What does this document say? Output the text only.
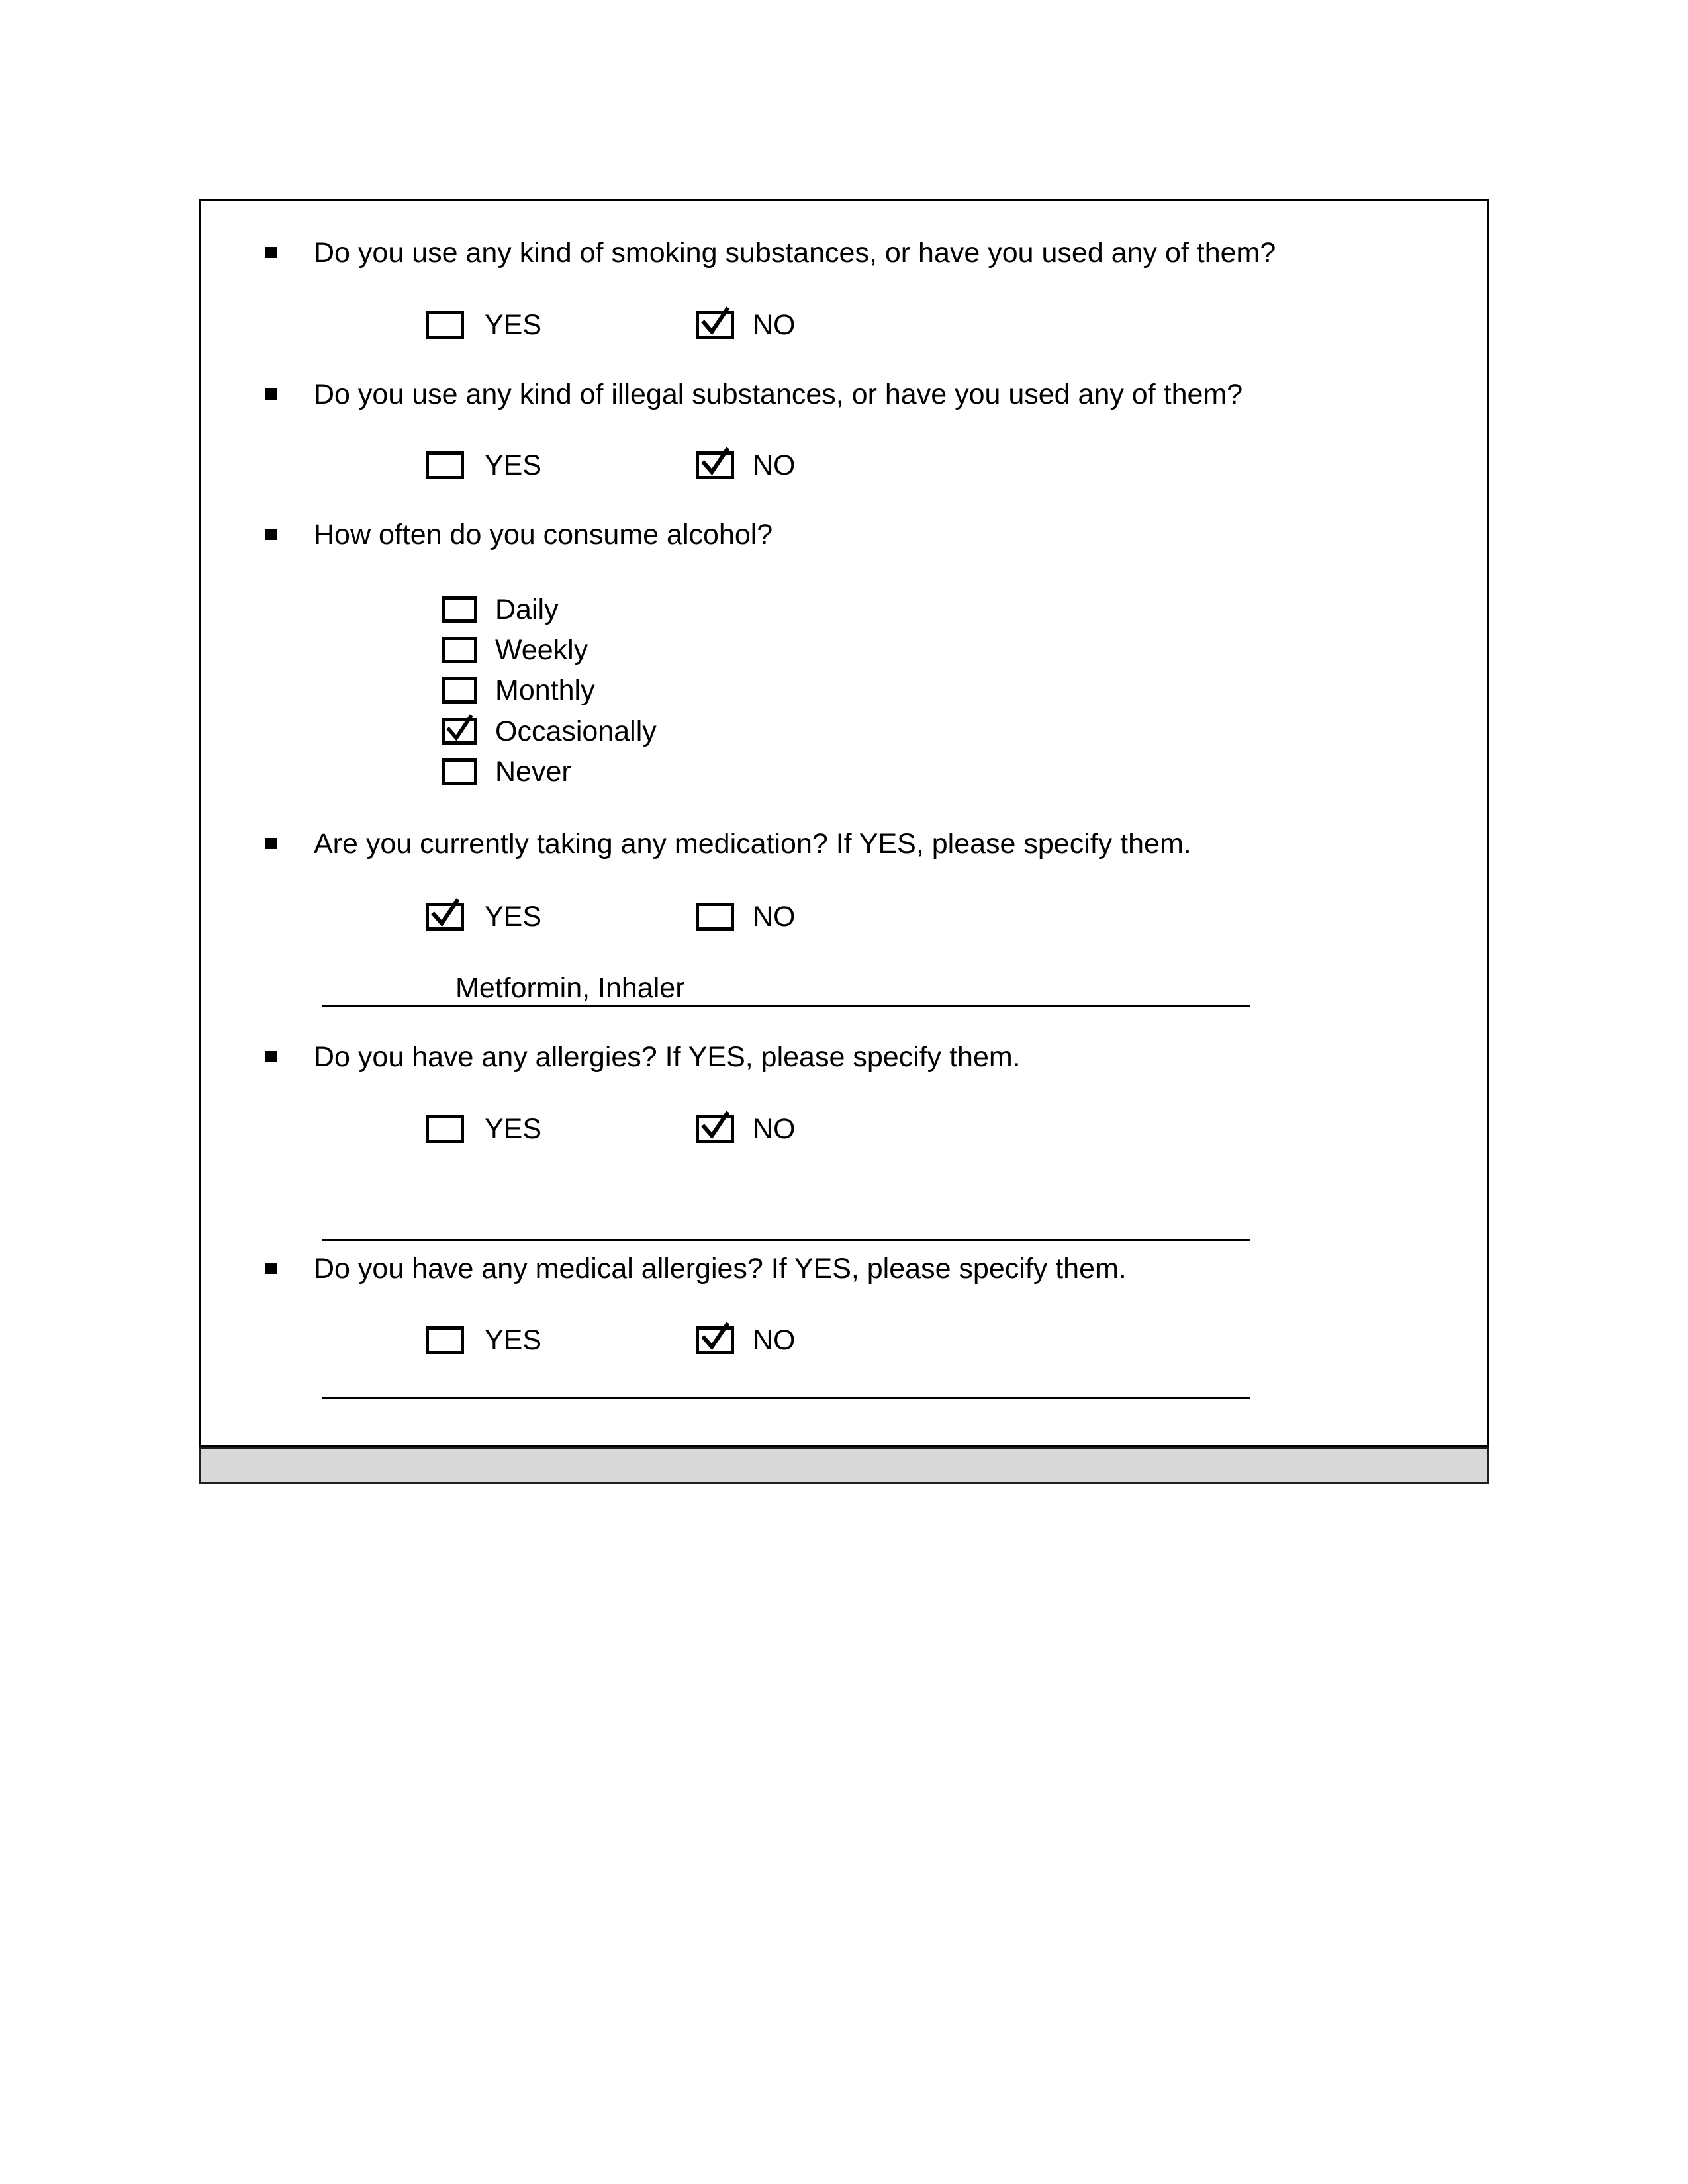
Do you use any kind of smoking substances, or have you used any of them?
YES	NO
Do you use any kind of illegal substances, or have you used any of them?
YES	NO
How often do you consume alcohol?
Daily
Weekly
Monthly
Occasionally
Never
Are you currently taking any medication? If YES, please specify them.
YES	NO
Metformin, Inhaler
Do you have any allergies? If YES, please specify them.
YES	NO
Do you have any medical allergies? If YES, please specify them.
YES	NO
